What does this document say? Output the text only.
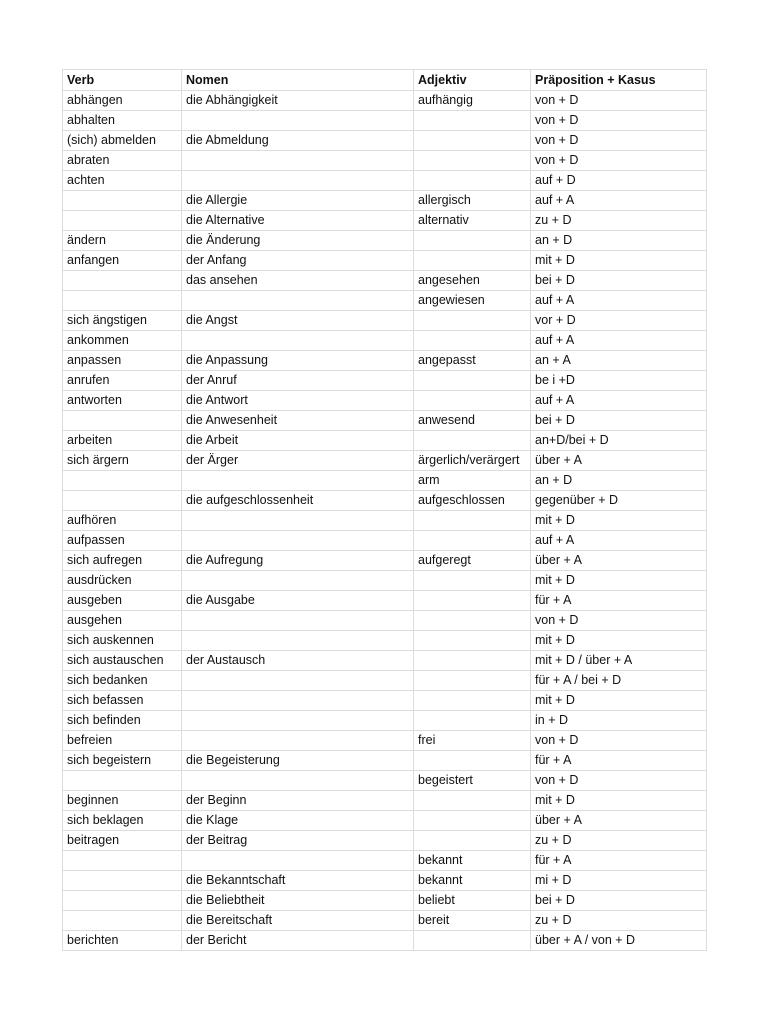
Verb	Nomen	Adjektiv	Präposition + Kasus
abhängen	die Abhängigkeit	aufhängig	von + D
abhalten			von + D
(sich) abmelden	die Abmeldung		von + D
abraten			von + D
achten			auf + D
	die Allergie	allergisch	auf + A
	die Alternative	alternativ	zu + D
ändern	die Änderung		an + D
anfangen	der Anfang		mit + D
	das ansehen	angesehen	bei + D
		angewiesen	auf + A
sich ängstigen	die Angst		vor + D
ankommen			auf + A
anpassen	die Anpassung	angepasst	an + A
anrufen	der Anruf		be i +D
antworten	die Antwort		auf + A
	die Anwesenheit	anwesend	bei + D
arbeiten	die Arbeit		an+D/bei + D
sich ärgern	der Ärger	ärgerlich/verärgert	über + A
		arm	an + D
	die aufgeschlossenheit	aufgeschlossen	gegenüber + D
aufhören			mit + D
aufpassen			auf + A
sich aufregen	die Aufregung	aufgeregt	über + A
ausdrücken			mit + D
ausgeben	die Ausgabe		für + A
ausgehen			von + D
sich auskennen			mit + D
sich austauschen	der Austausch		mit + D / über + A
sich bedanken			für + A / bei + D
sich befassen			mit + D
sich befinden			in + D
befreien		frei	von + D
sich begeistern	die Begeisterung		für + A
		begeistert	von + D
beginnen	der Beginn		mit + D
sich beklagen	die Klage		über + A
beitragen	der Beitrag		zu + D
		bekannt	für + A
	die Bekanntschaft	bekannt	mi + D
	die Beliebtheit	beliebt	bei + D
	die Bereitschaft	bereit	zu + D
berichten	der Bericht		über + A / von + D
